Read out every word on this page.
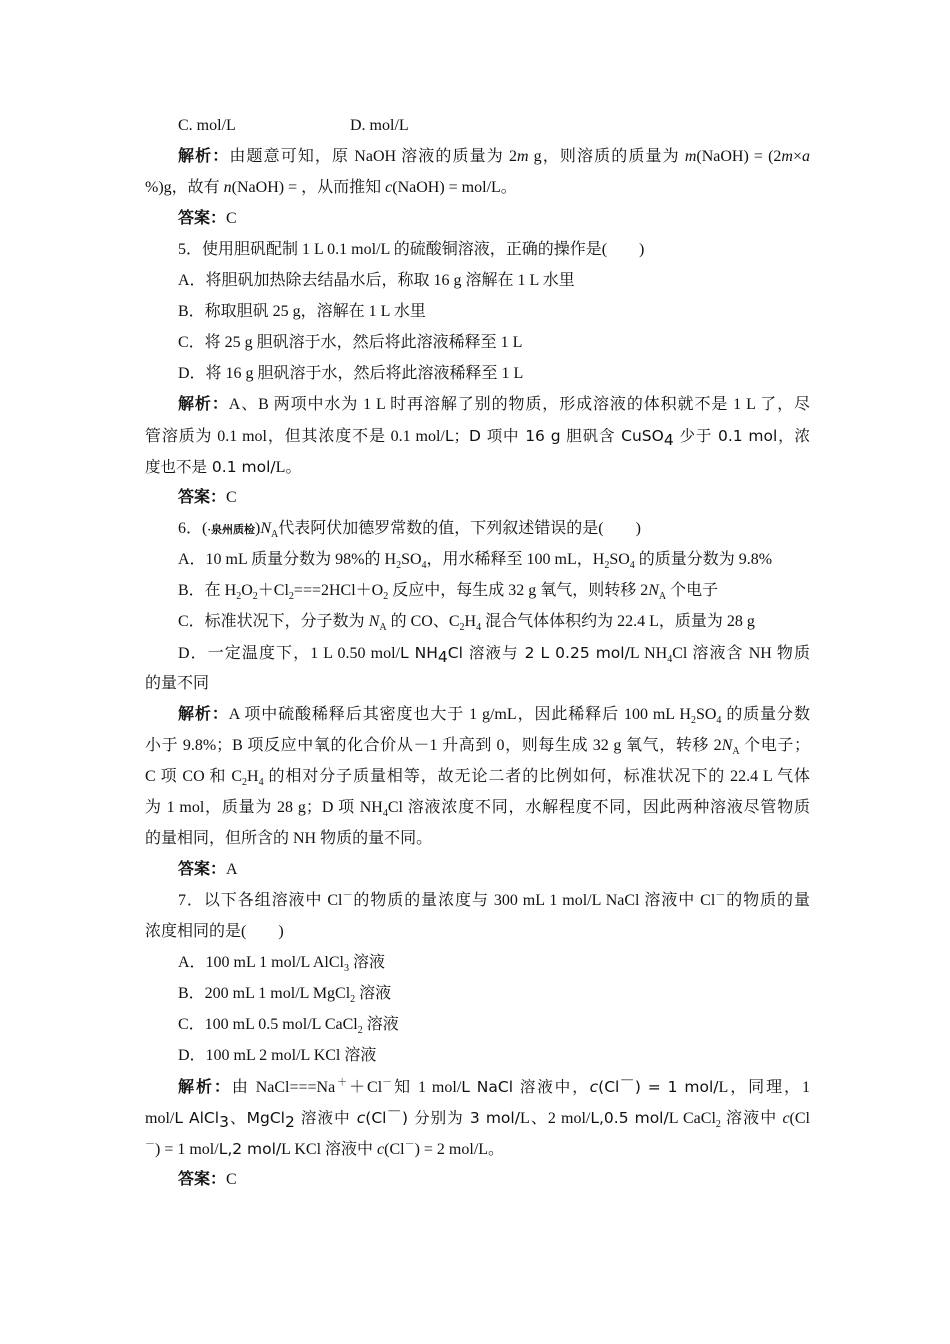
C. mol/L	D. mol/L
解析：由题意可知，原 NaOH 溶液的质量为 2m g，则溶质的质量为 m(NaOH) = (2m×a
%)g，故有 n(NaOH) = ，从而推知 c(NaOH) = mol/L。
答案：C
5．使用胆矾配制 1 L 0.1 mol/L 的硫酸铜溶液，正确的操作是(　　)
A．将胆矾加热除去结晶水后，称取 16 g 溶解在 1 L 水里
B．称取胆矾 25 g，溶解在 1 L 水里
C．将 25 g 胆矾溶于水，然后将此溶液稀释至 1 L
D．将 16 g 胆矾溶于水，然后将此溶液稀释至 1 L
解析：A、B 两项中水为 1 L 时再溶解了别的物质，形成溶液的体积就不是 1 L 了，尽
管溶质为 0.1 mol，但其浓度不是 0.1 mol/L；D 项中 16 g 胆矾含 CuSO$_4$ 少于 0.1 mol，浓
度也不是 0.1 mol/L。
答案：C
6．(·泉州质检)$N_A$代表阿伏加德罗常数的值，下列叙述错误的是(　　)
A．10 mL 质量分数为 98%的 $H_2SO_4$，用水稀释至 100 mL，$H_2SO_4$ 的质量分数为 9.8%
B．在 $H_2O_2+Cl_2===2HCl+O_2$ 反应中，每生成 32 g 氧气，则转移 $2N_A$ 个电子
C．标准状况下，分子数为 $N_A$ 的 CO、$C_2H_4$ 混合气体体积约为 22.4 L，质量为 28 g
D．一定温度下，1 L 0.50 mol/L $NH_4Cl$ 溶液与 2 L 0.25 mol/L $NH_4Cl$ 溶液含 NH 物质
的量不同
解析：A 项中硫酸稀释后其密度也大于 1 g/mL，因此稀释后 100 mL $H_2SO_4$ 的质量分数
小于 9.8%；B 项反应中氧的化合价从－1 升高到 0，则每生成 32 g 氧气，转移 $2N_A$ 个电子；
C 项 CO 和 $C_2H_4$ 的相对分子质量相等，故无论二者的比例如何，标准状况下的 22.4 L 气体
为 1 mol，质量为 28 g；D 项 $NH_4Cl$ 溶液浓度不同，水解程度不同，因此两种溶液尽管物质
的量相同，但所含的 NH 物质的量不同。
答案：A
7．以下各组溶液中 Cl－的物质的量浓度与 300 mL 1 mol/L NaCl 溶液中 Cl－的物质的量
浓度相同的是(　　)
A．100 mL 1 mol/L AlCl$_3$ 溶液
B．200 mL 1 mol/L MgCl$_2$ 溶液
C．100 mL 0.5 mol/L CaCl$_2$ 溶液
D．100 mL 2 mol/L KCl 溶液
解析：由 NaCl===Na＋＋Cl－知 1 mol/L NaCl 溶液中，c(Cl－) = 1 mol/L，同理，1
mol/L AlCl$_3$、MgCl$_2$ 溶液中 c(Cl－) 分别为 3 mol/L、2 mol/L,0.5 mol/L CaCl$_2$ 溶液中 c(Cl
－) = 1 mol/L,2 mol/L KCl 溶液中 c(Cl－) = 2 mol/L。
答案：C
